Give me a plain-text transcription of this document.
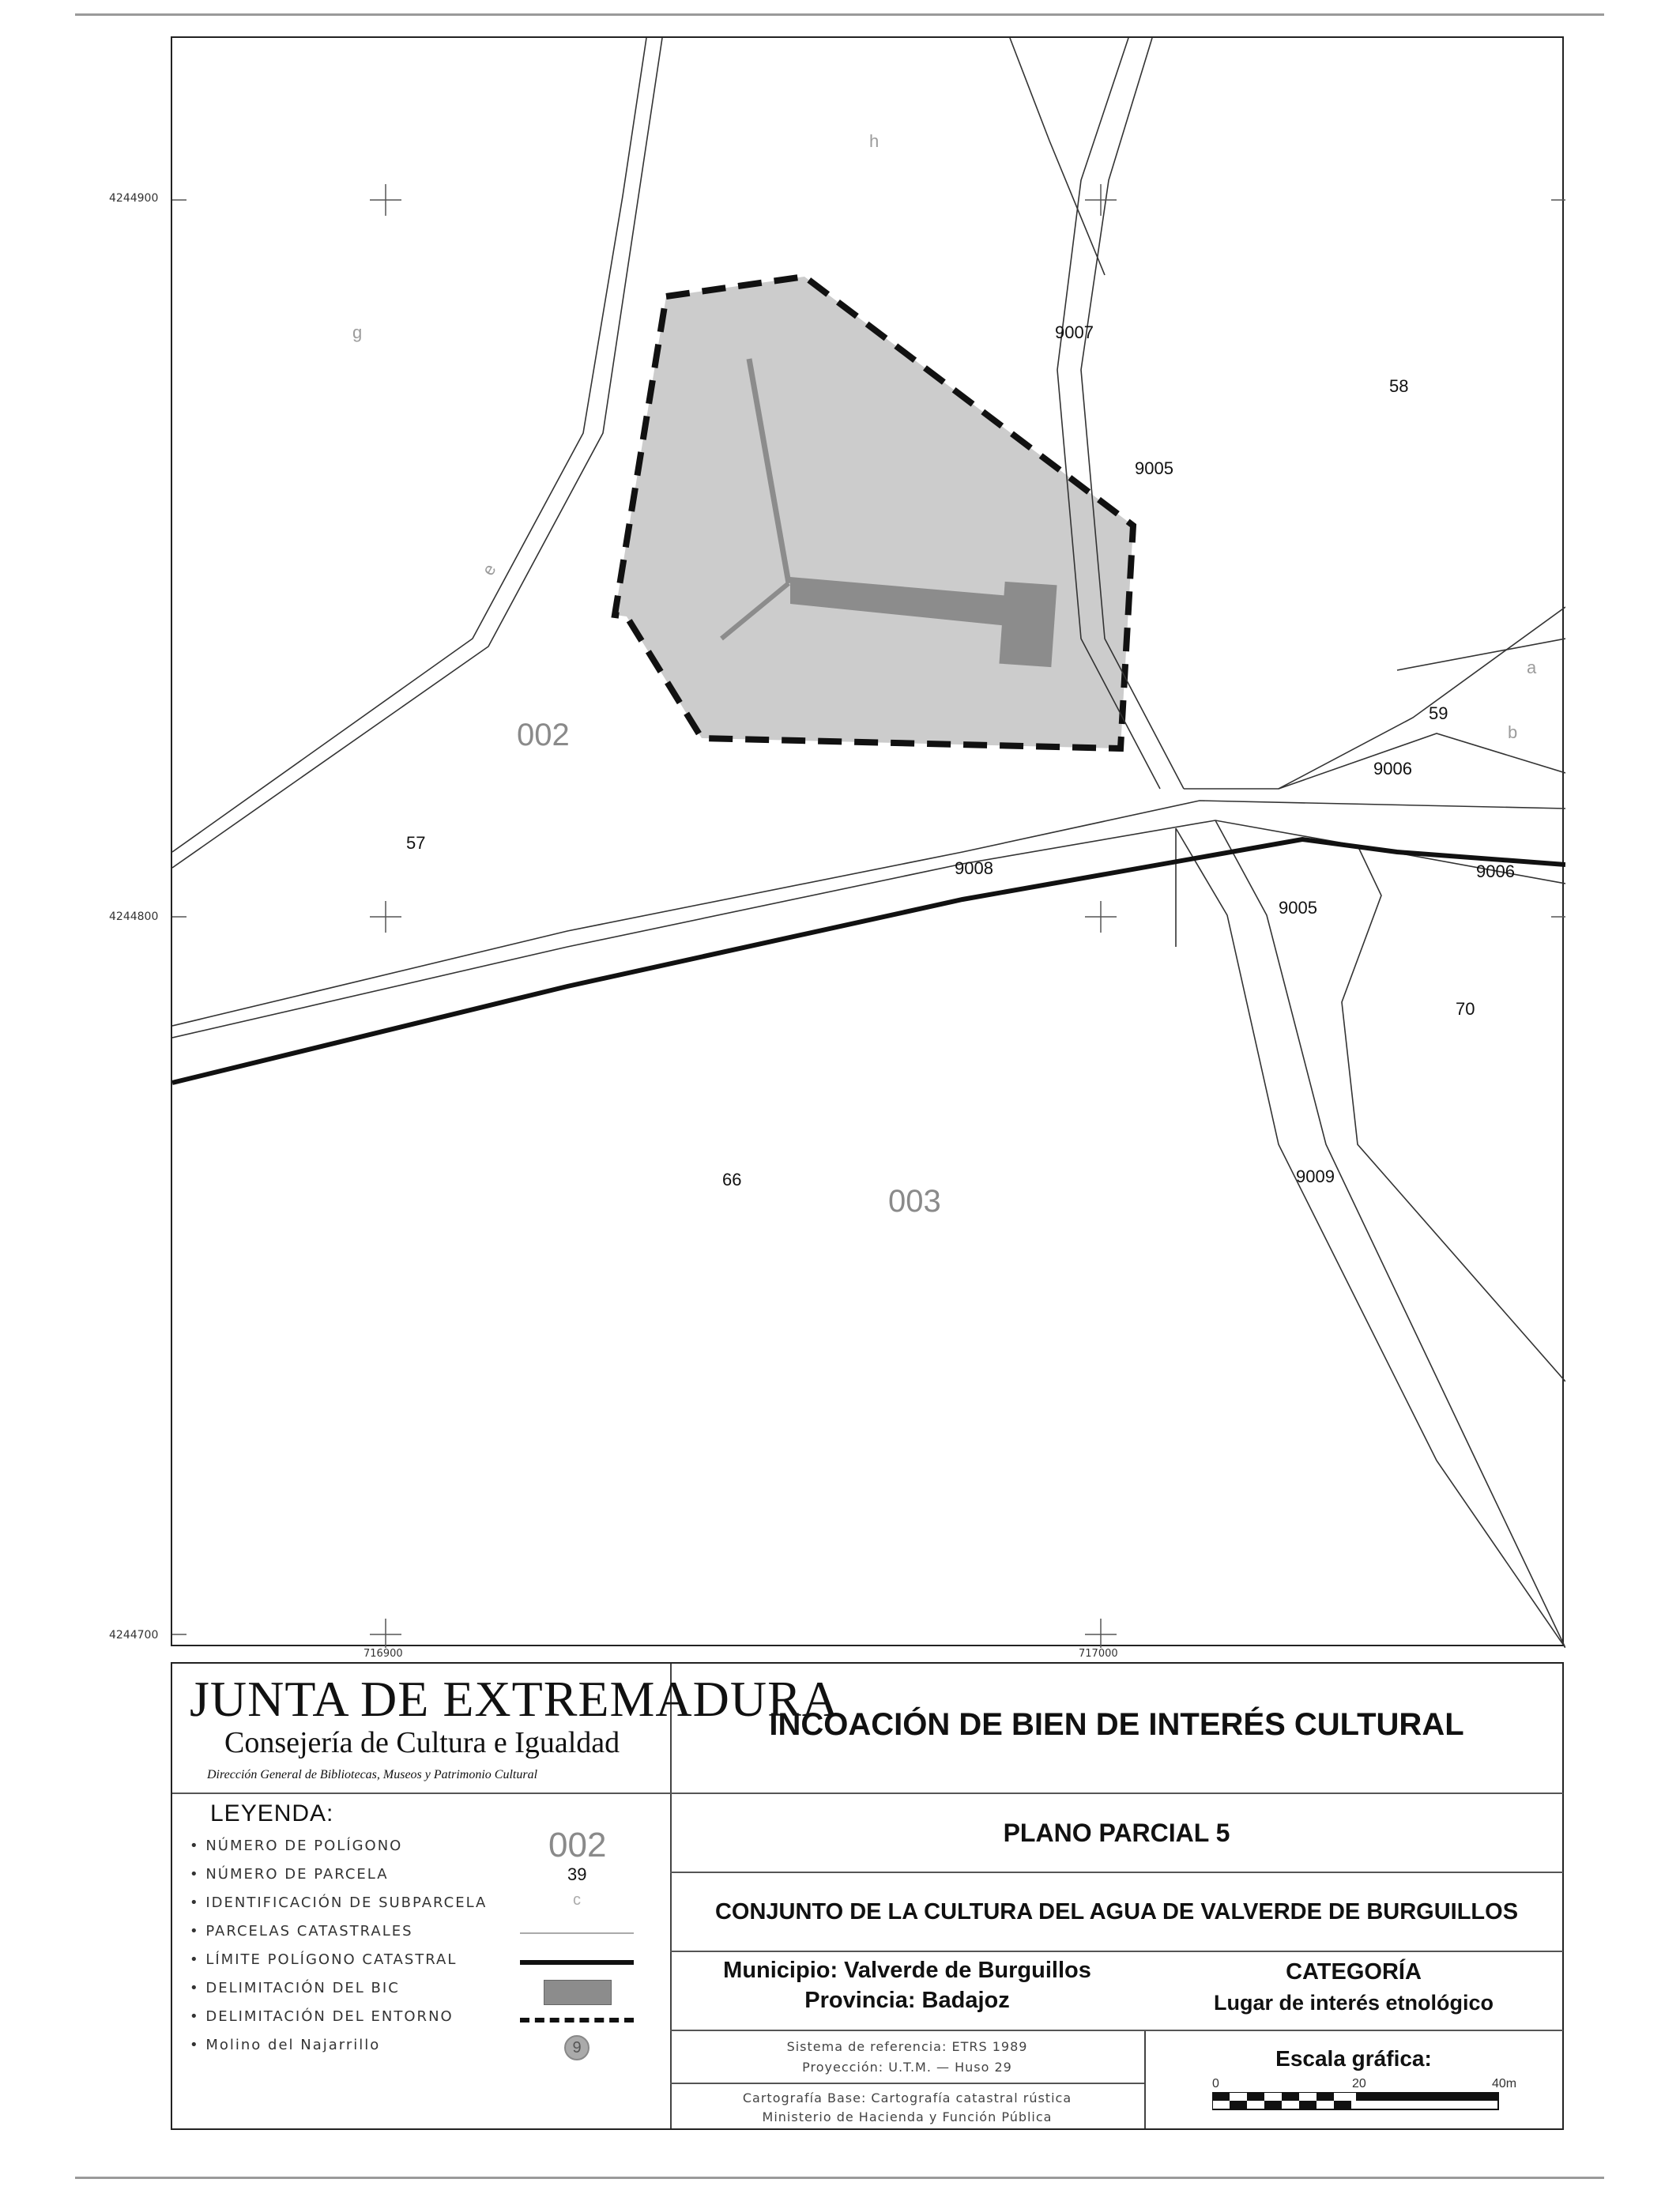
4244900
4244800
4244700
h
g
e
a
b
002
003
9007
58
9005
59
9006
57
9008	9006
9005
70
66	9009
716900	717000
JUNTA DE EXTREMADURA
Consejería de Cultura e Igualdad
Dirección General de Bibliotecas, Museos y Patrimonio Cultural
LEYENDA:
• NÚMERO DE POLÍGONO
• NÚMERO DE PARCELA
• IDENTIFICACIÓN DE SUBPARCELA
• PARCELAS CATASTRALES
• LÍMITE POLÍGONO CATASTRAL
• DELIMITACIÓN DEL BIC
• DELIMITACIÓN DEL ENTORNO
• Molino del Najarrillo
002
39
c
9
INCOACIÓN DE BIEN DE INTERÉS CULTURAL
PLANO PARCIAL 5
CONJUNTO DE LA CULTURA DEL AGUA DE VALVERDE DE BURGUILLOS
Municipio: Valverde de Burguillos
Provincia: Badajoz
Sistema de referencia: ETRS 1989
Proyección: U.T.M. — Huso 29
Cartografía Base: Cartografía catastral rústica
Ministerio de Hacienda y Función Pública
CATEGORÍA
Lugar de interés etnológico
Escala gráfica:
0	20	40m
